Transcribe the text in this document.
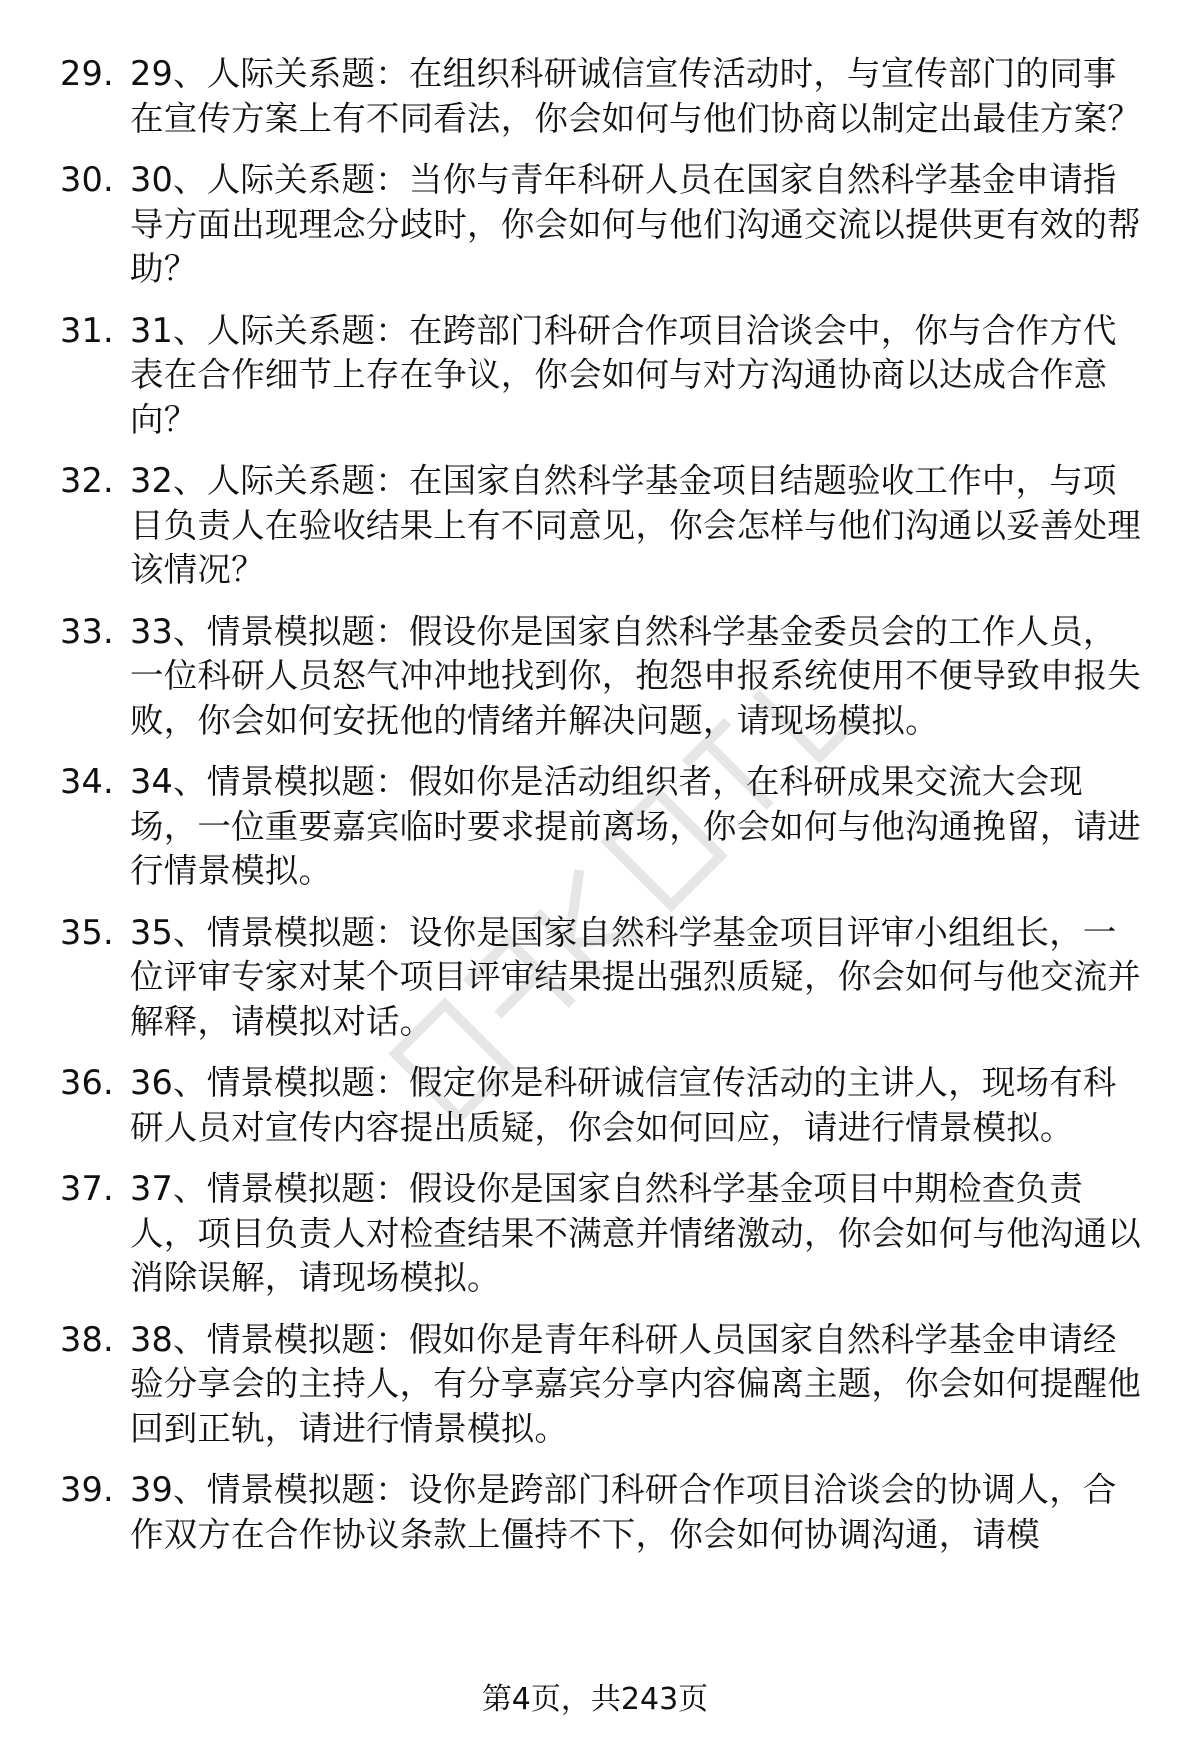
29. 29、人际关系题：在组织科研诚信宣传活动时，与宣传部门的同事在宣传方案上有不同看法，你会如何与他们协商以制定出最佳方案？
30. 30、人际关系题：当你与青年科研人员在国家自然科学基金申请指导方面出现理念分歧时，你会如何与他们沟通交流以提供更有效的帮助？
31. 31、人际关系题：在跨部门科研合作项目洽谈会中，你与合作方代表在合作细节上存在争议，你会如何与对方沟通协商以达成合作意向？
32. 32、人际关系题：在国家自然科学基金项目结题验收工作中，与项目负责人在验收结果上有不同意见，你会怎样与他们沟通以妥善处理该情况？
33. 33、情景模拟题：假设你是国家自然科学基金委员会的工作人员，一位科研人员怒气冲冲地找到你，抱怨申报系统使用不便导致申报失败，你会如何安抚他的情绪并解决问题，请现场模拟。
34. 34、情景模拟题：假如你是活动组织者，在科研成果交流大会现场，一位重要嘉宾临时要求提前离场，你会如何与他沟通挽留，请进行情景模拟。
35. 35、情景模拟题：设你是国家自然科学基金项目评审小组组长，一位评审专家对某个项目评审结果提出强烈质疑，你会如何与他交流并解释，请模拟对话。
36. 36、情景模拟题：假定你是科研诚信宣传活动的主讲人，现场有科研人员对宣传内容提出质疑，你会如何回应，请进行情景模拟。
37. 37、情景模拟题：假设你是国家自然科学基金项目中期检查负责人，项目负责人对检查结果不满意并情绪激动，你会如何与他沟通以消除误解，请现场模拟。
38. 38、情景模拟题：假如你是青年科研人员国家自然科学基金申请经验分享会的主持人，有分享嘉宾分享内容偏离主题，你会如何提醒他回到正轨，请进行情景模拟。
39. 39、情景模拟题：设你是跨部门科研合作项目洽谈会的协调人，合作双方在合作协议条款上僵持不下，你会如何协调沟通，请模
第4页，共243页
